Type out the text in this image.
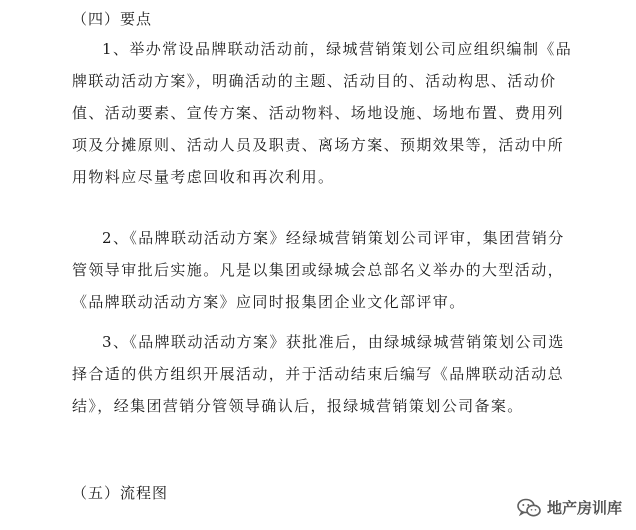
（四）要点
1、举办常设品牌联动活动前，绿城营销策划公司应组织编制《品
牌联动活动方案》，明确活动的主题、活动目的、活动构思、活动价
值、活动要素、宣传方案、活动物料、场地设施、场地布置、费用列
项及分摊原则、活动人员及职责、离场方案、预期效果等，活动中所
用物料应尽量考虑回收和再次利用。
2、《品牌联动活动方案》经绿城营销策划公司评审，集团营销分
管领导审批后实施。凡是以集团或绿城会总部名义举办的大型活动，
《品牌联动活动方案》应同时报集团企业文化部评审。
3、《品牌联动活动方案》获批准后，由绿城绿城营销策划公司选
择合适的供方组织开展活动，并于活动结束后编写《品牌联动活动总
结》，经集团营销分管领导确认后，报绿城营销策划公司备案。
（五）流程图
地产房训库
